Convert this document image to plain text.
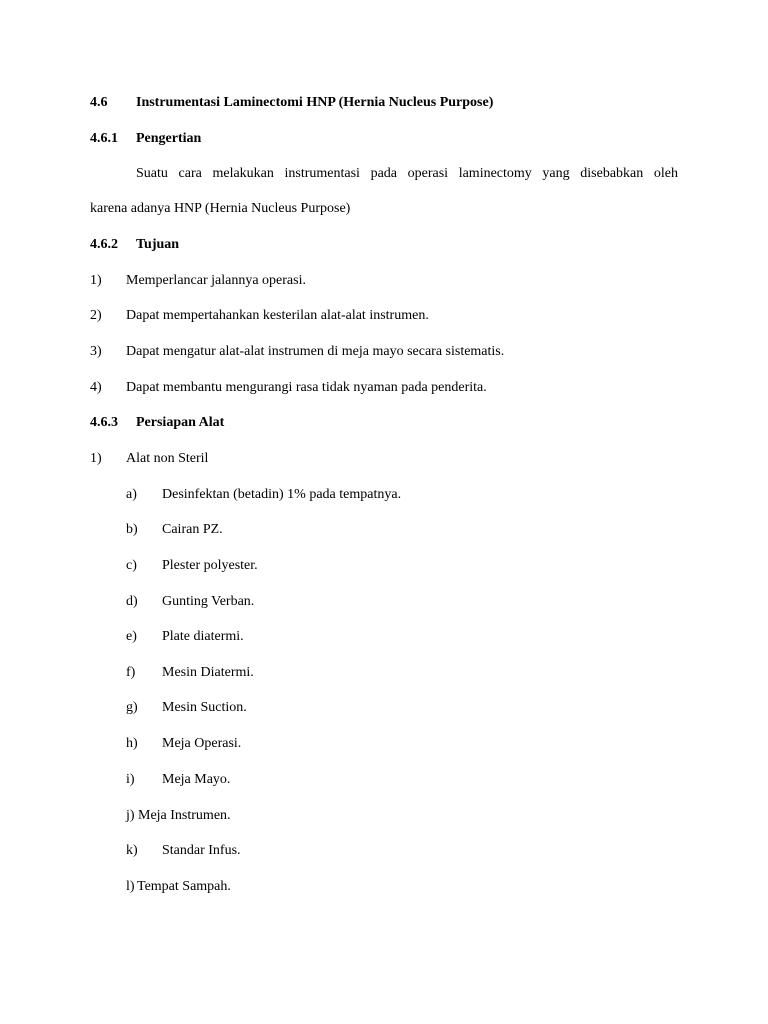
4.6 Instrumentasi Laminectomi HNP (Hernia Nucleus Purpose)
4.6.1 Pengertian
Suatu cara melakukan instrumentasi pada operasi laminectomy yang disebabkan oleh
karena adanya HNP (Hernia Nucleus Purpose)
4.6.2 Tujuan
1) Memperlancar jalannya operasi.
2) Dapat mempertahankan kesterilan alat-alat instrumen.
3) Dapat mengatur alat-alat instrumen di meja mayo secara sistematis.
4) Dapat membantu mengurangi rasa tidak nyaman pada penderita.
4.6.3 Persiapan Alat
1) Alat non Steril
a) Desinfektan (betadin) 1% pada tempatnya.
b) Cairan PZ.
c) Plester polyester.
d) Gunting Verban.
e) Plate diatermi.
f) Mesin Diatermi.
g) Mesin Suction.
h) Meja Operasi.
i) Meja Mayo.
j) Meja Instrumen.
k) Standar Infus.
l) Tempat Sampah.
